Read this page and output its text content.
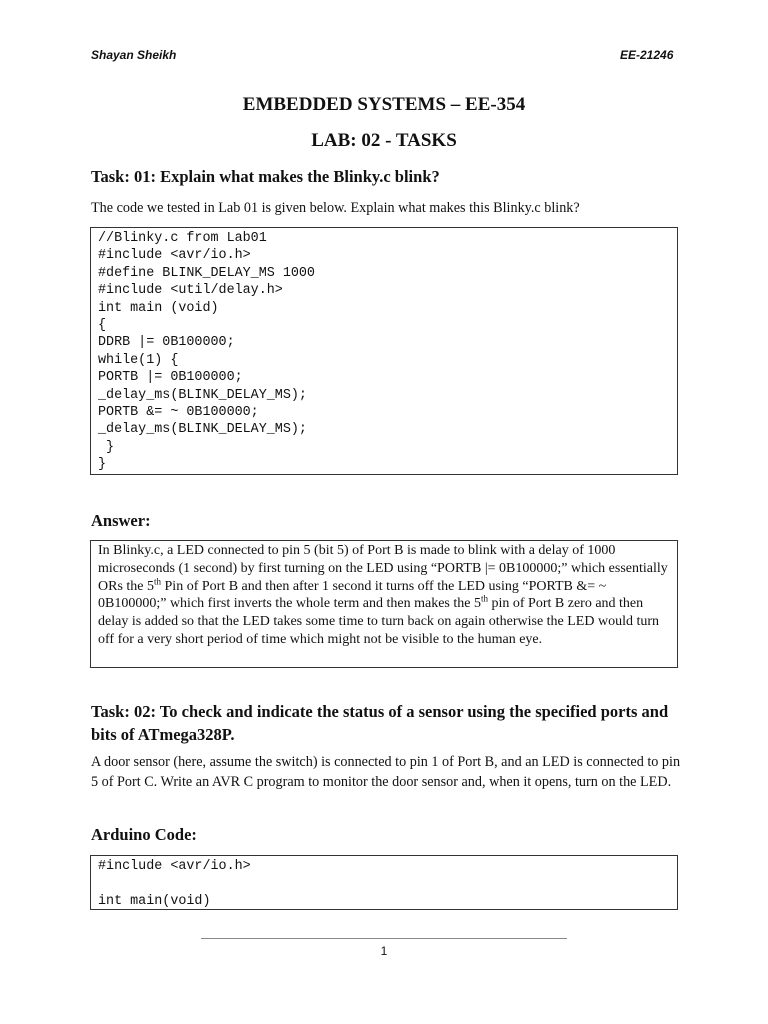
Shayan Sheikh	EE-21246
EMBEDDED SYSTEMS – EE-354
LAB: 02 - TASKS
Task: 01: Explain what makes the Blinky.c blink?
The code we tested in Lab 01 is given below. Explain what makes this Blinky.c blink?
//Blinky.c from Lab01
#include <avr/io.h>
#define BLINK_DELAY_MS 1000
#include <util/delay.h>
int main (void)
{
DDRB |= 0B100000;
while(1) {
PORTB |= 0B100000;
_delay_ms(BLINK_DELAY_MS);
PORTB &= ~ 0B100000;
_delay_ms(BLINK_DELAY_MS);
}
}
Answer:
In Blinky.c, a LED connected to pin 5 (bit 5) of Port B is made to blink with a delay of 1000 microseconds (1 second) by first turning on the LED using “PORTB |= 0B100000;” which essentially ORs the 5th Pin of Port B and then after 1 second it turns off the LED using “PORTB &= ~ 0B100000;” which first inverts the whole term and then makes the 5th pin of Port B zero and then delay is added so that the LED takes some time to turn back on again otherwise the LED would turn off for a very short period of time which might not be visible to the human eye.
Task: 02: To check and indicate the status of a sensor using the specified ports and bits of ATmega328P.
A door sensor (here, assume the switch) is connected to pin 1 of Port B, and an LED is connected to pin 5 of Port C. Write an AVR C program to monitor the door sensor and, when it opens, turn on the LED.
Arduino Code:
#include <avr/io.h>

int main(void)
1
